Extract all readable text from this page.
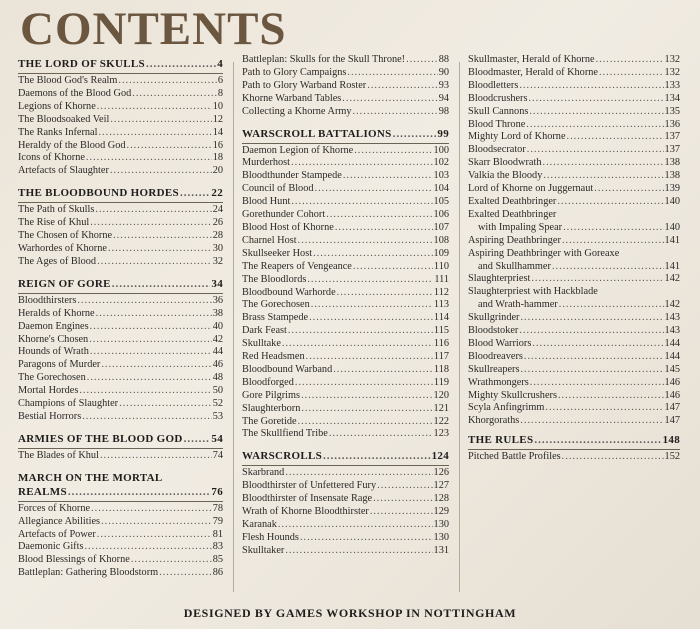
CONTENTS
THE LORD OF SKULLS .....	4
The Blood God's Realm .....	6
Daemons of the Blood God .....	8
Legions of Khorne .....	10
The Bloodsoaked Veil .....	12
The Ranks Infernal .....	14
Heraldy of the Blood God .....	16
Icons of Khorne .....	18
Artefacts of Slaughter .....	20
THE BLOODBOUND HORDES .....	22
The Path of Skulls .....	24
The Rise of Khul .....	26
The Chosen of Khorne .....	28
Warhordes of Khorne .....	30
The Ages of Blood .....	32
REIGN OF GORE .....	34
Bloodthirsters .....	36
Heralds of Khorne .....	38
Daemon Engines .....	40
Khorne's Chosen .....	42
Hounds of Wrath .....	44
Paragons of Murder .....	46
The Gorechosen .....	48
Mortal Hordes .....	50
Champions of Slaughter .....	52
Bestial Horrors .....	53
ARMIES OF THE BLOOD GOD .....	54
The Blades of Khul .....	74
MARCH ON THE MORTAL
REALMS .....	76
Forces of Khorne .....	78
Allegiance Abilities .....	79
Artefacts of Power .....	81
Daemonic Gifts .....	83
Blood Blessings of Khorne .....	85
Battleplan: Gathering Bloodstorm .....	86
Battleplan: Skulls for the Skull Throne! .....	88
Path to Glory Campaigns .....	90
Path to Glory Warband Roster .....	93
Khorne Warband Tables .....	94
Collecting a Khorne Army .....	98
WARSCROLL BATTALIONS .....	99
Daemon Legion of Khorne .....	100
Murderhost .....	102
Bloodthunder Stampede .....	103
Council of Blood .....	104
Blood Hunt .....	105
Gorethunder Cohort .....	106
Blood Host of Khorne .....	107
Charnel Host .....	108
Skullseeker Host .....	109
The Reapers of Vengeance .....	110
The Bloodlords .....	111
Bloodbound Warhorde .....	112
The Gorechosen .....	113
Brass Stampede .....	114
Dark Feast .....	115
Skulltake .....	116
Red Headsmen .....	117
Bloodbound Warband .....	118
Bloodforged .....	119
Gore Pilgrims .....	120
Slaughterborn .....	121
The Goretide .....	122
The Skullfiend Tribe .....	123
WARSCROLLS .....	124
Skarbrand .....	126
Bloodthirster of Unfettered Fury .....	127
Bloodthirster of Insensate Rage .....	128
Wrath of Khorne Bloodthirster .....	129
Karanak .....	130
Flesh Hounds .....	130
Skulltaker .....	131
Skullmaster, Herald of Khorne .....	132
Bloodmaster, Herald of Khorne .....	132
Bloodletters .....	133
Bloodcrushers .....	134
Skull Cannons .....	135
Blood Throne .....	136
Mighty Lord of Khorne .....	137
Bloodsecrator .....	137
Skarr Bloodwrath .....	138
Valkia the Bloody .....	138
Lord of Khorne on Juggernaut .....	139
Exalted Deathbringer .....	140
Exalted Deathbringer
with Impaling Spear .....	140
Aspiring Deathbringer .....	141
Aspiring Deathbringer with Goreaxe
and Skullhammer .....	141
Slaughterpriest .....	142
Slaughterpriest with Hackblade
and Wrath-hammer .....	142
Skullgrinder .....	143
Bloodstoker .....	143
Blood Warriors .....	144
Bloodreavers .....	144
Skullreapers .....	145
Wrathmongers .....	146
Mighty Skullcrushers .....	146
Scyla Anfingrimm .....	147
Khorgoraths .....	147
THE RULES .....	148
Pitched Battle Profiles .....	152
DESIGNED BY GAMES WORKSHOP IN NOTTINGHAM
